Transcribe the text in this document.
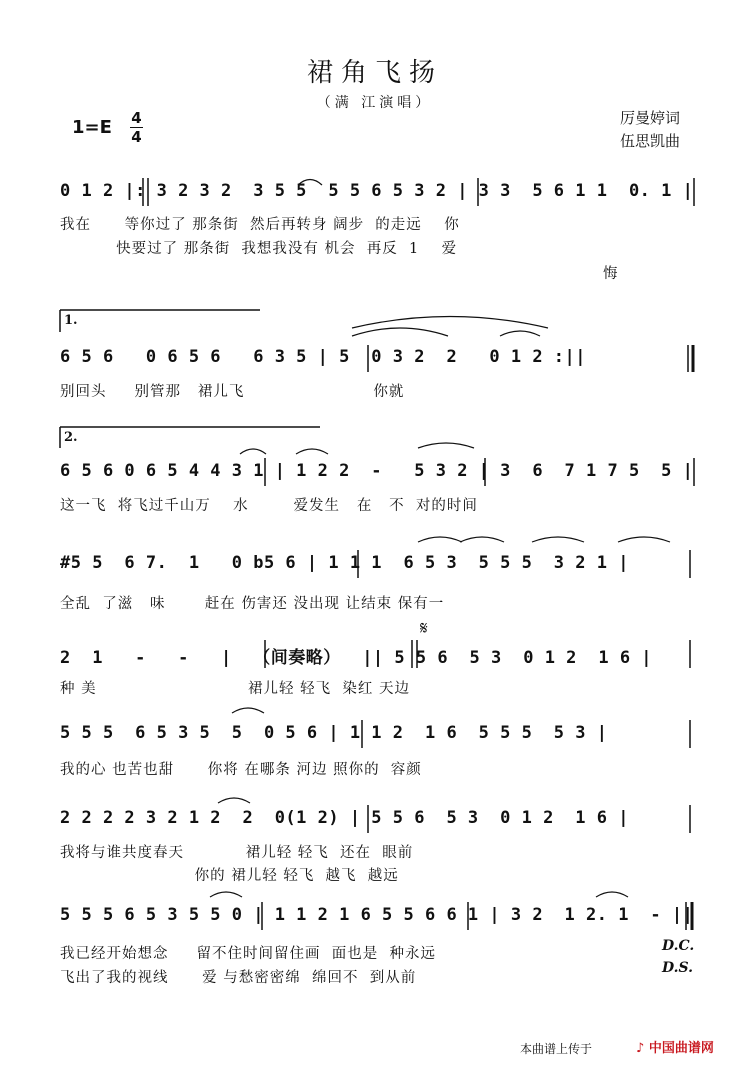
裙角飞扬
（满 江演唱）
1=E 4
4
厉曼婷词
伍思凯曲
0 1 2 |: 3 2 3 2  3 5 5  5 5 6 5 3 2 | 3 3  5 6 1 1  0. 1 |
我在      等你过了 那条街  然后再转身 阔步  的走远    你
快要过了 那条街  我想我没有 机会  再反  1    爱
悔
1.
6 5 6   0 6 5 6   6 3 5 | 5  0 3 2  2   0 1 2 :||
别回头     别管那   裙儿飞                       你就
2.
6 5 6 0 6 5 4 4 3 1 | 1 2 2  -   5 3 2 | 3  6  7 1 7 5  5 |
这一飞  将飞过千山万    水        爱发生   在   不  对的时间
#5 5  6 7.  1   0 b5 6 | 1 1 1  6 5 3  5 5 5  3 2 1 |
全乱  了滋   味       赶在 伤害还 没出现 让结束 保有一
𝄋
2  1   -   -   |  （间奏略）  || 5 5 6  5 3  0 1 2  1 6 |
种 美                           裙儿轻 轻飞  染红 天边
5 5 5  6 5 3 5  5  0 5 6 | 1 1 2  1 6  5 5 5  5 3 |
我的心 也苦也甜      你将 在哪条 河边 照你的  容颜
2 2 2 2 3 2 1 2  2  0(1 2) | 5 5 6  5 3  0 1 2  1 6 |
我将与谁共度春天           裙儿轻 轻飞  还在  眼前
你的 裙儿轻 轻飞  越飞  越远
5 5 5 6 5 3 5 5 0 | 1 1 2 1 6 5 5 6 6 1 | 3 2  1 2. 1  - ||
我已经开始想念     留不住时间留住画  面也是  种永远
飞出了我的视线      爱 与愁密密绵  绵回不  到从前
D.C.
D.S.
本曲谱上传于	♪ 中国曲谱网
